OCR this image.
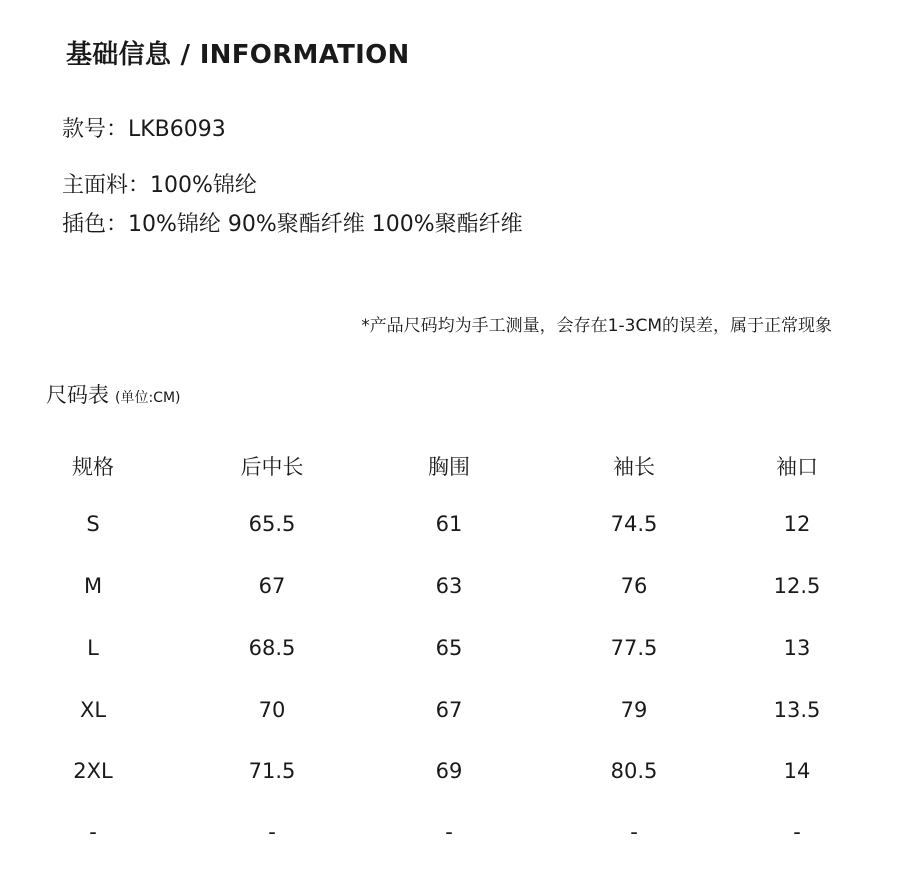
基础信息 / INFORMATION
款号：LKB6093
主面料：100%锦纶
插色：10%锦纶 90%聚酯纤维 100%聚酯纤维
*产品尺码均为手工测量，会存在1-3CM的误差，属于正常现象
尺码表 (单位:CM)
规格	后中长	胸围	袖长	袖口
S	65.5	61	74.5	12
M	67	63	76	12.5
L	68.5	65	77.5	13
XL	70	67	79	13.5
2XL	71.5	69	80.5	14
-	-	-	-	-
